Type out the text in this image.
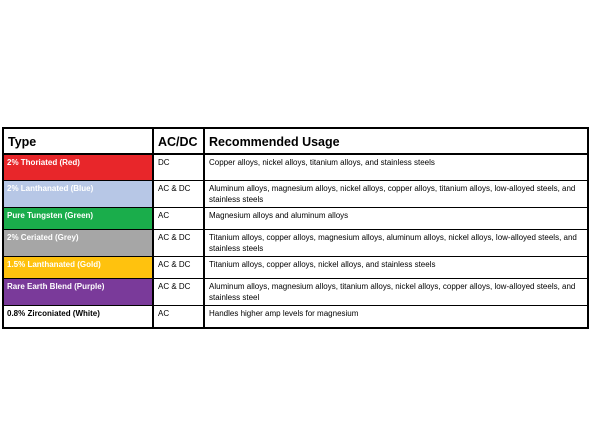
Type	AC/DC	Recommended Usage
2% Thoriated (Red)	DC	Copper alloys, nickel alloys, titanium alloys, and stainless steels
2% Lanthanated (Blue)	AC & DC	Aluminum alloys, magnesium alloys, nickel alloys, copper alloys, titanium alloys, low-alloyed steels, and stainless steels
Pure Tungsten (Green)	AC	Magnesium alloys and aluminum alloys
2% Ceriated (Grey)	AC & DC	Titanium alloys, copper alloys, magnesium alloys, aluminum alloys, nickel alloys, low-alloyed steels, and stainless steels
1.5% Lanthanated (Gold)	AC & DC	Titanium alloys, copper alloys, nickel alloys, and stainless steels
Rare Earth Blend (Purple)	AC & DC	Aluminum alloys, magnesium alloys, titanium alloys, nickel alloys, copper alloys, low-alloyed steels, and stainless steel
0.8% Zirconiated (White)	AC	Handles higher amp levels for magnesium
